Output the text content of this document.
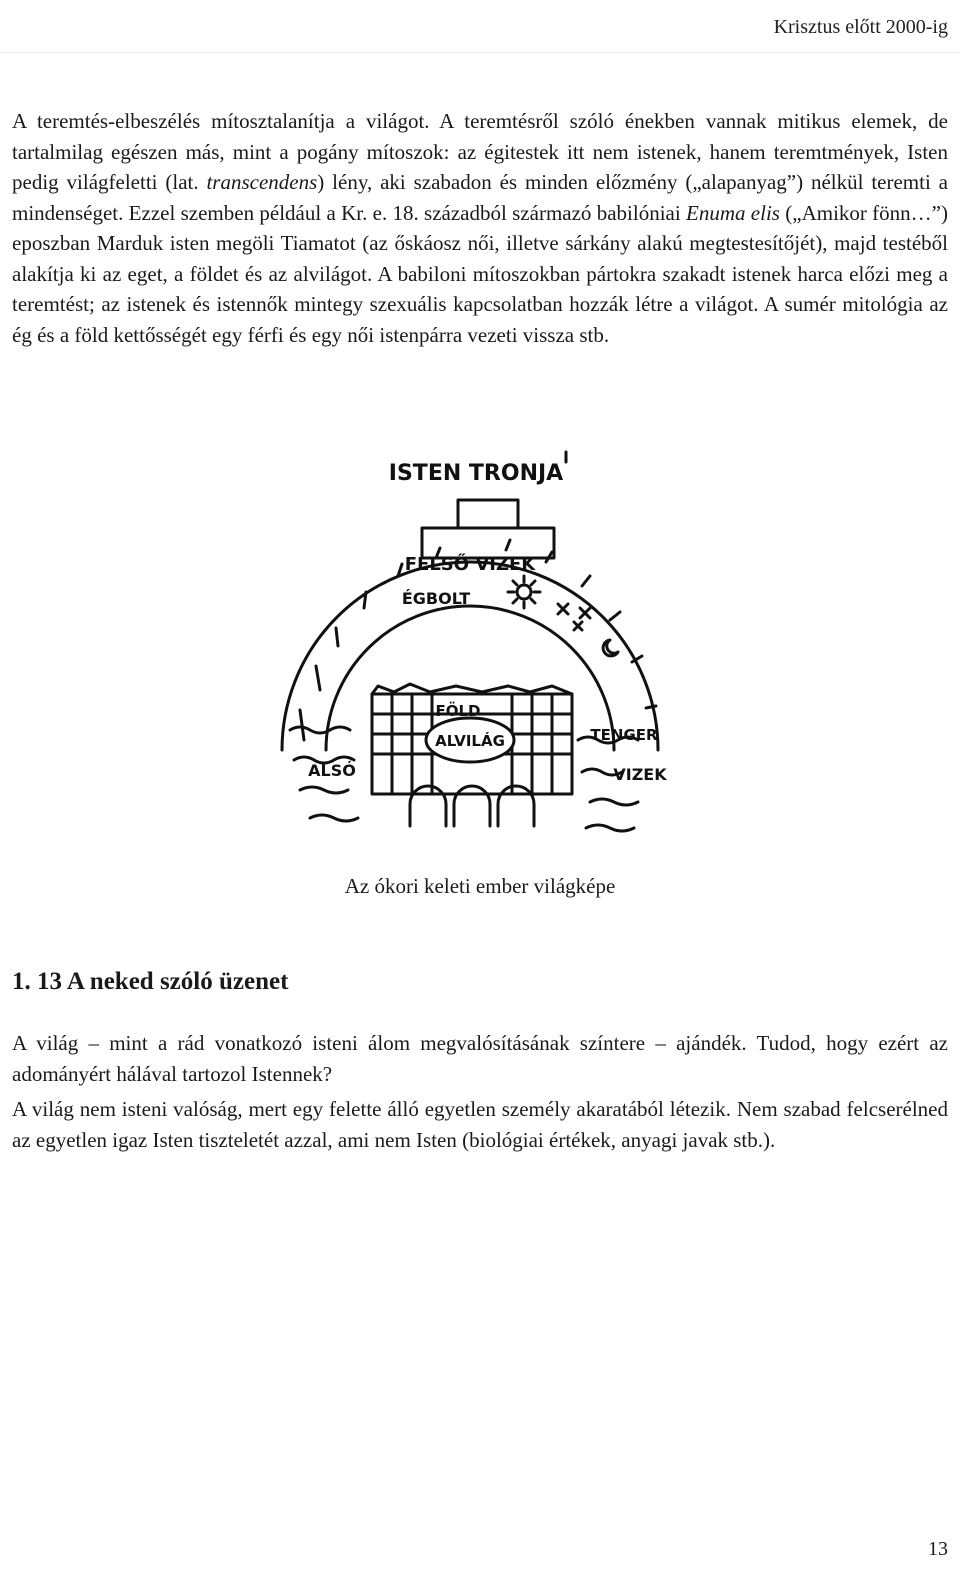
Krisztus előtt 2000-ig

A teremtés-elbeszélés mítosztalanítja a világot. A teremtésről szóló énekben vannak mitikus elemek, de tartalmilag egészen más, mint a pogány mítoszok: az égitestek itt nem istenek, hanem teremtmények, Isten pedig világfeletti (lat. transcendens) lény, aki szabadon és minden előzmény („alapanyag”) nélkül teremti a mindenséget. Ezzel szemben például a Kr. e. 18. századból származó babilóniai Enuma elis („Amikor fönn…”) eposzban Marduk isten megöli Tiamatot (az őskáosz női, illetve sárkány alakú megtestesítőjét), majd testéből alakítja ki az eget, a földet és az alvilágot. A babiloni mítoszokban pártokra szakadt istenek harca előzi meg a teremtést; az istenek és istennők mintegy szexuális kapcsolatban hozzák létre a világot. A sumér mitológia az ég és a föld kettősségét egy férfi és egy női istenpárra vezeti vissza stb.

ISTEN TRONJA
FELSŐ VIZEK
ÉGBOLT
FÖLD
ALVILÁG	TENGER
ALSÓ	VIZEK
Az ókori keleti ember világképe
1. 13 A neked szóló üzenet

A világ – mint a rád vonatkozó isteni álom megvalósításának színtere – ajándék. Tudod, hogy ezért az adományért hálával tartozol Istennek?

A világ nem isteni valóság, mert egy felette álló egyetlen személy akaratából létezik. Nem szabad felcserélned az egyetlen igaz Isten tiszteletét azzal, ami nem Isten (biológiai értékek, anyagi javak stb.).

13
